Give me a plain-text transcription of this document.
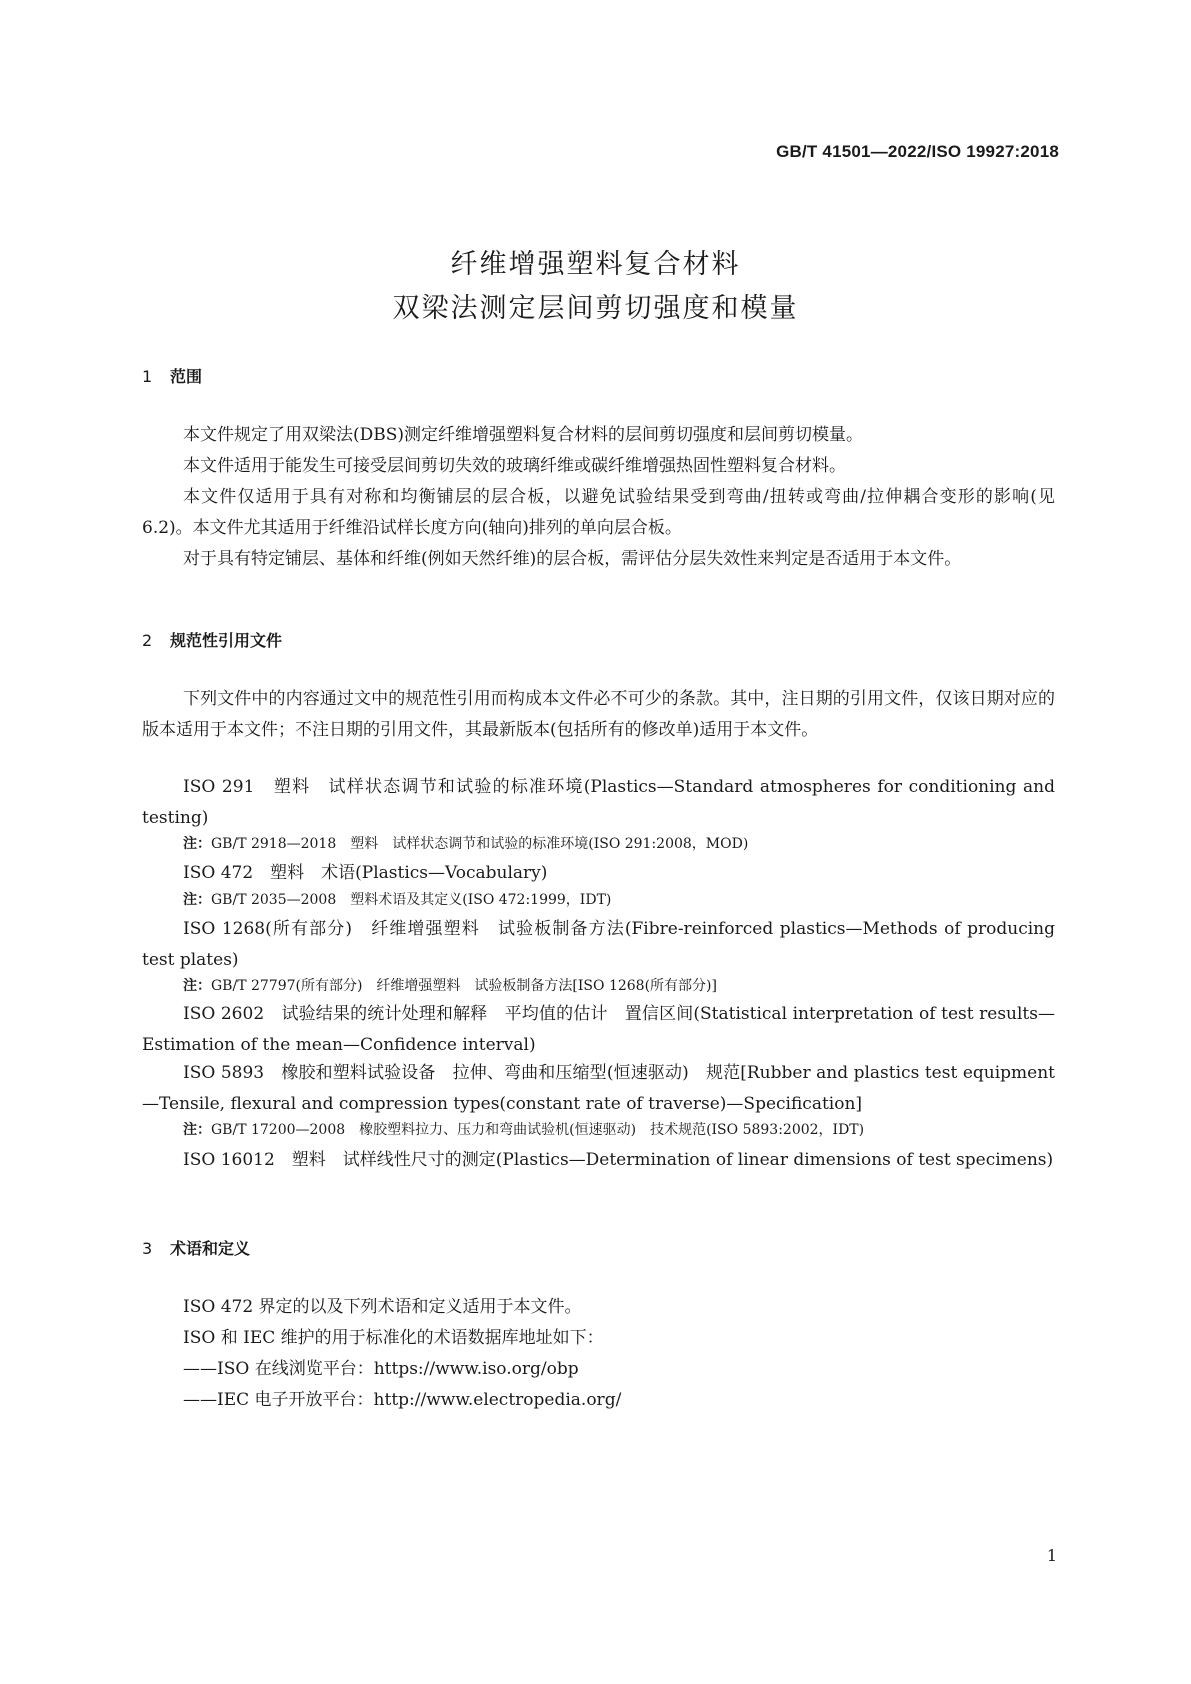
GB/T 41501—2022/ISO 19927:2018
纤维增强塑料复合材料
双梁法测定层间剪切强度和模量
1 范围
本文件规定了用双梁法(DBS)测定纤维增强塑料复合材料的层间剪切强度和层间剪切模量。
本文件适用于能发生可接受层间剪切失效的玻璃纤维或碳纤维增强热固性塑料复合材料。
本文件仅适用于具有对称和均衡铺层的层合板，以避免试验结果受到弯曲/扭转或弯曲/拉伸耦合变形的影响(见 6.2)。本文件尤其适用于纤维沿试样长度方向(轴向)排列的单向层合板。
对于具有特定铺层、基体和纤维(例如天然纤维)的层合板，需评估分层失效性来判定是否适用于本文件。
2 规范性引用文件
下列文件中的内容通过文中的规范性引用而构成本文件必不可少的条款。其中，注日期的引用文件，仅该日期对应的版本适用于本文件；不注日期的引用文件，其最新版本(包括所有的修改单)适用于本文件。
ISO 291　塑料　试样状态调节和试验的标准环境(Plastics—Standard atmospheres for conditioning and testing)
注：GB/T 2918—2018　塑料　试样状态调节和试验的标准环境(ISO 291:2008，MOD)
ISO 472　塑料　术语(Plastics—Vocabulary)
注：GB/T 2035—2008　塑料术语及其定义(ISO 472:1999，IDT)
ISO 1268(所有部分)　纤维增强塑料　试验板制备方法(Fibre-reinforced plastics—Methods of producing test plates)
注：GB/T 27797(所有部分)　纤维增强塑料　试验板制备方法[ISO 1268(所有部分)]
ISO 2602　试验结果的统计处理和解释　平均值的估计　置信区间(Statistical interpretation of test results—Estimation of the mean—Confidence interval)
ISO 5893　橡胶和塑料试验设备　拉伸、弯曲和压缩型(恒速驱动)　规范[Rubber and plastics test equipment—Tensile, flexural and compression types(constant rate of traverse)—Specification]
注：GB/T 17200—2008　橡胶塑料拉力、压力和弯曲试验机(恒速驱动)　技术规范(ISO 5893:2002，IDT)
ISO 16012　塑料　试样线性尺寸的测定(Plastics—Determination of linear dimensions of test specimens)
3 术语和定义
ISO 472 界定的以及下列术语和定义适用于本文件。
ISO 和 IEC 维护的用于标准化的术语数据库地址如下：
——ISO 在线浏览平台：https://www.iso.org/obp
——IEC 电子开放平台：http://www.electropedia.org/
1
